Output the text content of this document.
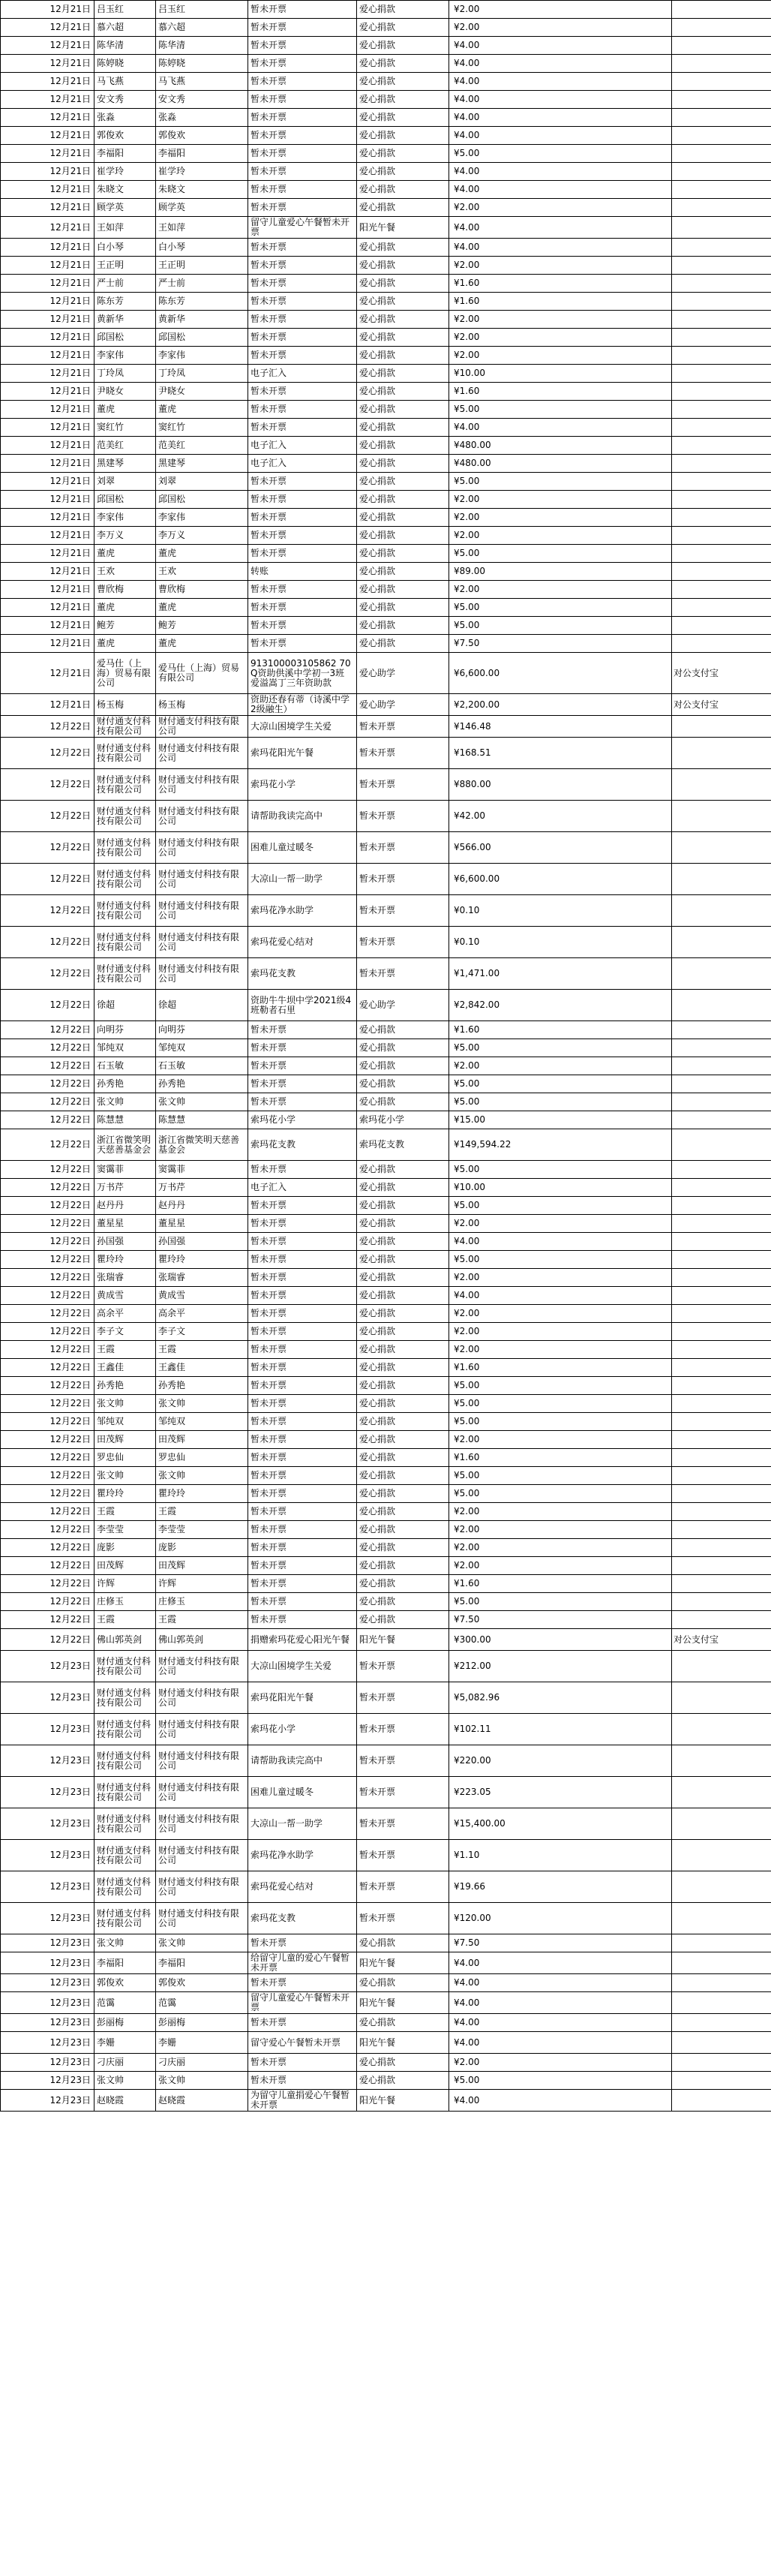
12月21日	吕玉红	吕玉红	暂未开票	爱心捐款	¥2.00	
12月21日	慕六超	慕六超	暂未开票	爱心捐款	¥2.00	
12月21日	陈华清	陈华清	暂未开票	爱心捐款	¥4.00	
12月21日	陈婷晓	陈婷晓	暂未开票	爱心捐款	¥4.00	
12月21日	马飞燕	马飞燕	暂未开票	爱心捐款	¥4.00	
12月21日	安文秀	安文秀	暂未开票	爱心捐款	¥4.00	
12月21日	张淼	张淼	暂未开票	爱心捐款	¥4.00	
12月21日	郭俊欢	郭俊欢	暂未开票	爱心捐款	¥4.00	
12月21日	李福阳	李福阳	暂未开票	爱心捐款	¥5.00	
12月21日	崔学玲	崔学玲	暂未开票	爱心捐款	¥4.00	
12月21日	朱晓文	朱晓文	暂未开票	爱心捐款	¥4.00	
12月21日	顾学英	顾学英	暂未开票	爱心捐款	¥2.00	
12月21日	王如萍	王如萍	留守儿童爱心午餐暂未开票	阳光午餐	¥4.00	
12月21日	白小琴	白小琴	暂未开票	爱心捐款	¥4.00	
12月21日	王正明	王正明	暂未开票	爱心捐款	¥2.00	
12月21日	严士前	严士前	暂未开票	爱心捐款	¥1.60	
12月21日	陈东芳	陈东芳	暂未开票	爱心捐款	¥1.60	
12月21日	黄新华	黄新华	暂未开票	爱心捐款	¥2.00	
12月21日	邱国松	邱国松	暂未开票	爱心捐款	¥2.00	
12月21日	李家伟	李家伟	暂未开票	爱心捐款	¥2.00	
12月21日	丁玲凤	丁玲凤	电子汇入	爱心捐款	¥10.00	
12月21日	尹晓女	尹晓女	暂未开票	爱心捐款	¥1.60	
12月21日	董虎	董虎	暂未开票	爱心捐款	¥5.00	
12月21日	窦红竹	窦红竹	暂未开票	爱心捐款	¥4.00	
12月21日	范美红	范美红	电子汇入	爱心捐款	¥480.00	
12月21日	黑建琴	黑建琴	电子汇入	爱心捐款	¥480.00	
12月21日	刘翠	刘翠	暂未开票	爱心捐款	¥5.00	
12月21日	邱国松	邱国松	暂未开票	爱心捐款	¥2.00	
12月21日	李家伟	李家伟	暂未开票	爱心捐款	¥2.00	
12月21日	李万义	李万义	暂未开票	爱心捐款	¥2.00	
12月21日	董虎	董虎	暂未开票	爱心捐款	¥5.00	
12月21日	王欢	王欢	转账	爱心捐款	¥89.00	
12月21日	曹欣梅	曹欣梅	暂未开票	爱心捐款	¥2.00	
12月21日	董虎	董虎	暂未开票	爱心捐款	¥5.00	
12月21日	鲍芳	鲍芳	暂未开票	爱心捐款	¥5.00	
12月21日	董虎	董虎	暂未开票	爱心捐款	¥7.50	
12月21日	爱马仕（上海）贸易有限公司	爱马仕（上海）贸易有限公司	913100003105862 70Q资助供溪中学初一3班 爱溢嵩丁三年资助款	爱心助学	¥6,600.00	对公支付宝
12月21日	杨玉梅	杨玉梅	资助还春有蒂（诗溪中学2级融生）	爱心助学	¥2,200.00	对公支付宝
12月22日	财付通支付科技有限公司	财付通支付科技有限公司	大凉山困境学生关爱	暂未开票	¥146.48	
12月22日	财付通支付科技有限公司	财付通支付科技有限公司	索玛花阳光午餐	暂未开票	¥168.51	
12月22日	财付通支付科技有限公司	财付通支付科技有限公司	索玛花小学	暂未开票	¥880.00	
12月22日	财付通支付科技有限公司	财付通支付科技有限公司	请帮助我读完高中	暂未开票	¥42.00	
12月22日	财付通支付科技有限公司	财付通支付科技有限公司	困难儿童过暖冬	暂未开票	¥566.00	
12月22日	财付通支付科技有限公司	财付通支付科技有限公司	大凉山一帮一助学	暂未开票	¥6,600.00	
12月22日	财付通支付科技有限公司	财付通支付科技有限公司	索玛花净水助学	暂未开票	¥0.10	
12月22日	财付通支付科技有限公司	财付通支付科技有限公司	索玛花爱心结对	暂未开票	¥0.10	
12月22日	财付通支付科技有限公司	财付通支付科技有限公司	索玛花支教	暂未开票	¥1,471.00	
12月22日	徐超	徐超	资助牛牛坝中学2021级4班勒者石里	爱心助学	¥2,842.00	
12月22日	向明芬	向明芬	暂未开票	爱心捐款	¥1.60	
12月22日	邹纯双	邹纯双	暂未开票	爱心捐款	¥5.00	
12月22日	石玉敏	石玉敏	暂未开票	爱心捐款	¥2.00	
12月22日	孙秀艳	孙秀艳	暂未开票	爱心捐款	¥5.00	
12月22日	张文帅	张文帅	暂未开票	爱心捐款	¥5.00	
12月22日	陈慧慧	陈慧慧	索玛花小学	索玛花小学	¥15.00	
12月22日	浙江省微笑明天慈善基金会	浙江省微笑明天慈善基金会	索玛花支教	索玛花支教	¥149,594.22	
12月22日	窦霭菲	窦霭菲	暂未开票	爱心捐款	¥5.00	
12月22日	万书芹	万书芹	电子汇入	爱心捐款	¥10.00	
12月22日	赵丹丹	赵丹丹	暂未开票	爱心捐款	¥5.00	
12月22日	董星星	董星星	暂未开票	爱心捐款	¥2.00	
12月22日	孙国强	孙国强	暂未开票	爱心捐款	¥4.00	
12月22日	瞿玲玲	瞿玲玲	暂未开票	爱心捐款	¥5.00	
12月22日	张瑞睿	张瑞睿	暂未开票	爱心捐款	¥2.00	
12月22日	黄成雪	黄成雪	暂未开票	爱心捐款	¥4.00	
12月22日	高余平	高余平	暂未开票	爱心捐款	¥2.00	
12月22日	李子文	李子文	暂未开票	爱心捐款	¥2.00	
12月22日	王霞	王霞	暂未开票	爱心捐款	¥2.00	
12月22日	王鑫佳	王鑫佳	暂未开票	爱心捐款	¥1.60	
12月22日	孙秀艳	孙秀艳	暂未开票	爱心捐款	¥5.00	
12月22日	张文帅	张文帅	暂未开票	爱心捐款	¥5.00	
12月22日	邹纯双	邹纯双	暂未开票	爱心捐款	¥5.00	
12月22日	田茂辉	田茂辉	暂未开票	爱心捐款	¥2.00	
12月22日	罗忠仙	罗忠仙	暂未开票	爱心捐款	¥1.60	
12月22日	张文帅	张文帅	暂未开票	爱心捐款	¥5.00	
12月22日	瞿玲玲	瞿玲玲	暂未开票	爱心捐款	¥5.00	
12月22日	王霞	王霞	暂未开票	爱心捐款	¥2.00	
12月22日	李莹莹	李莹莹	暂未开票	爱心捐款	¥2.00	
12月22日	庞影	庞影	暂未开票	爱心捐款	¥2.00	
12月22日	田茂辉	田茂辉	暂未开票	爱心捐款	¥2.00	
12月22日	许辉	许辉	暂未开票	爱心捐款	¥1.60	
12月22日	庄修玉	庄修玉	暂未开票	爱心捐款	¥5.00	
12月22日	王霞	王霞	暂未开票	爱心捐款	¥7.50	
12月22日	佛山郭英剑	佛山郭英剑	捐赠索玛花爱心阳光午餐	阳光午餐	¥300.00	对公支付宝
12月23日	财付通支付科技有限公司	财付通支付科技有限公司	大凉山困境学生关爱	暂未开票	¥212.00	
12月23日	财付通支付科技有限公司	财付通支付科技有限公司	索玛花阳光午餐	暂未开票	¥5,082.96	
12月23日	财付通支付科技有限公司	财付通支付科技有限公司	索玛花小学	暂未开票	¥102.11	
12月23日	财付通支付科技有限公司	财付通支付科技有限公司	请帮助我读完高中	暂未开票	¥220.00	
12月23日	财付通支付科技有限公司	财付通支付科技有限公司	困难儿童过暖冬	暂未开票	¥223.05	
12月23日	财付通支付科技有限公司	财付通支付科技有限公司	大凉山一帮一助学	暂未开票	¥15,400.00	
12月23日	财付通支付科技有限公司	财付通支付科技有限公司	索玛花净水助学	暂未开票	¥1.10	
12月23日	财付通支付科技有限公司	财付通支付科技有限公司	索玛花爱心结对	暂未开票	¥19.66	
12月23日	财付通支付科技有限公司	财付通支付科技有限公司	索玛花支教	暂未开票	¥120.00	
12月23日	张文帅	张文帅	暂未开票	爱心捐款	¥7.50	
12月23日	李福阳	李福阳	给留守儿童的爱心午餐暂未开票	阳光午餐	¥4.00	
12月23日	郭俊欢	郭俊欢	暂未开票	爱心捐款	¥4.00	
12月23日	范霭	范霭	留守儿童爱心午餐暂未开票	阳光午餐	¥4.00	
12月23日	彭丽梅	彭丽梅	暂未开票	爱心捐款	¥4.00	
12月23日	李姗	李姗	留守爱心午餐暂未开票	阳光午餐	¥4.00	
12月23日	刁庆丽	刁庆丽	暂未开票	爱心捐款	¥2.00	
12月23日	张文帅	张文帅	暂未开票	爱心捐款	¥5.00	
12月23日	赵晓霞	赵晓霞	为留守儿童捐爱心午餐暂未开票	阳光午餐	¥4.00	
